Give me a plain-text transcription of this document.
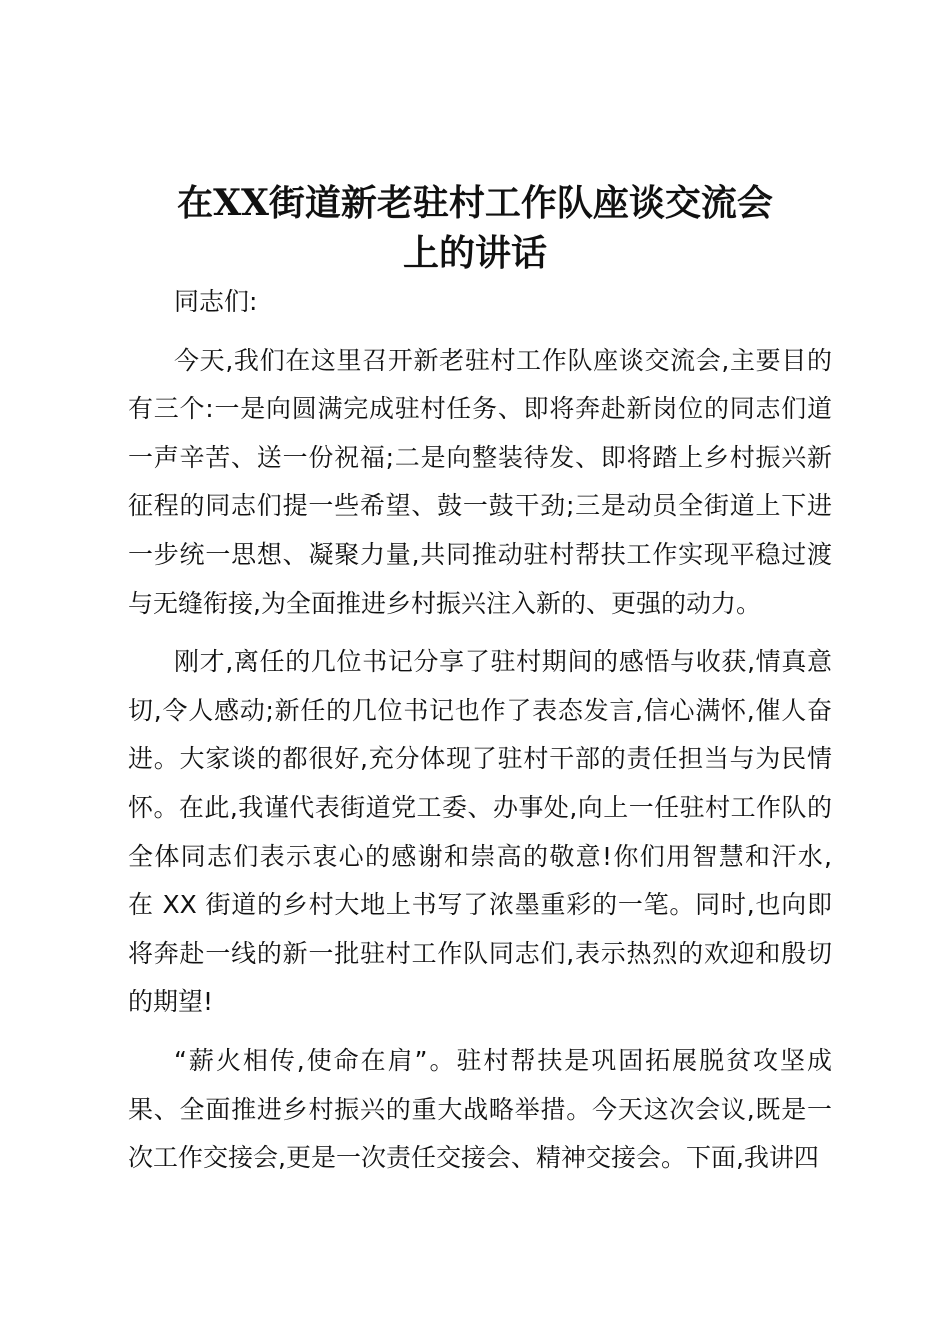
在XX街道新老驻村工作队座谈交流会
上的讲话
同志们:
今天,我们在这里召开新老驻村工作队座谈交流会,主要目的
有三个:一是向圆满完成驻村任务、即将奔赴新岗位的同志们道
一声辛苦、送一份祝福;二是向整装待发、即将踏上乡村振兴新
征程的同志们提一些希望、鼓一鼓干劲;三是动员全街道上下进
一步统一思想、凝聚力量,共同推动驻村帮扶工作实现平稳过渡
与无缝衔接,为全面推进乡村振兴注入新的、更强的动力。
刚才,离任的几位书记分享了驻村期间的感悟与收获,情真意
切,令人感动;新任的几位书记也作了表态发言,信心满怀,催人奋
进。大家谈的都很好,充分体现了驻村干部的责任担当与为民情
怀。在此,我谨代表街道党工委、办事处,向上一任驻村工作队的
全体同志们表示衷心的感谢和崇高的敬意!你们用智慧和汗水,
在 XX 街道的乡村大地上书写了浓墨重彩的一笔。同时,也向即
将奔赴一线的新一批驻村工作队同志们,表示热烈的欢迎和殷切
的期望!
“薪火相传,使命在肩”。驻村帮扶是巩固拓展脱贫攻坚成
果、全面推进乡村振兴的重大战略举措。今天这次会议,既是一
次工作交接会,更是一次责任交接会、精神交接会。下面,我讲四
